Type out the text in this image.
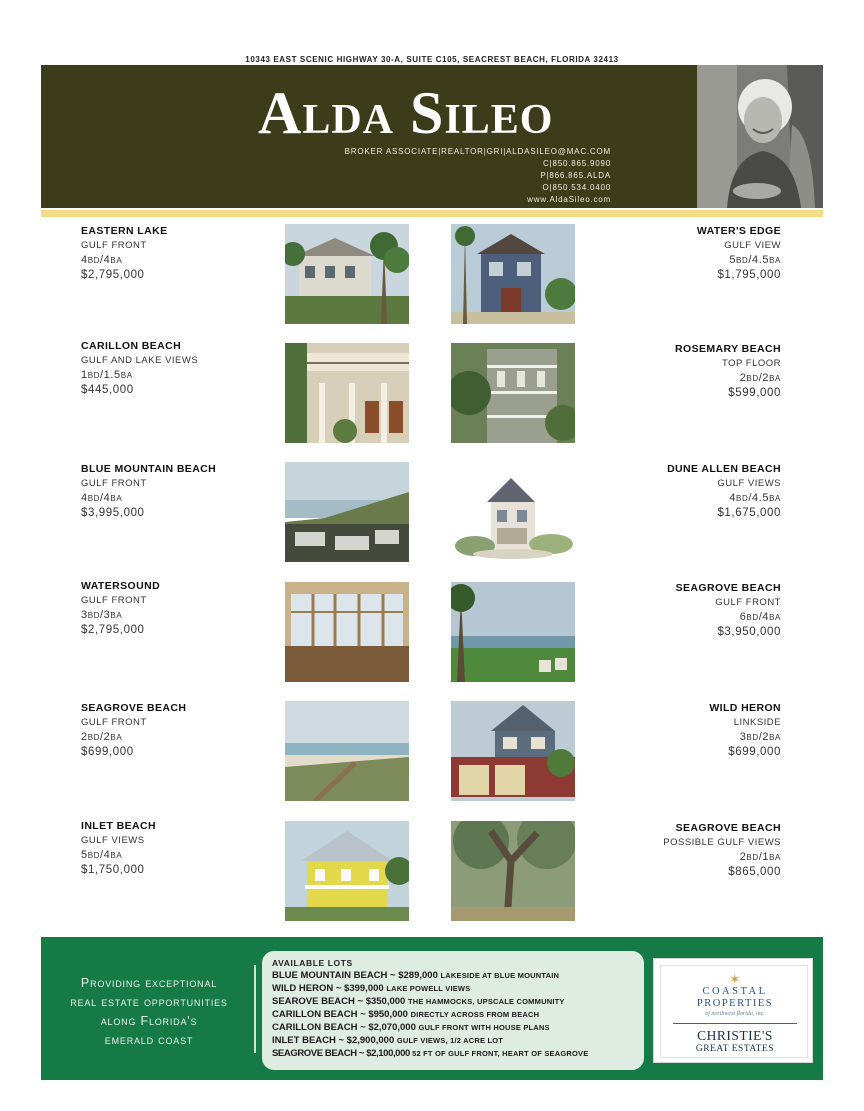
10343 EAST SCENIC HIGHWAY 30-A, SUITE C105, SEACREST BEACH, FLORIDA 32413
Alda Sileo
BROKER ASSOCIATE|REALTOR|GRI|ALDASILEO@MAC.COM
C|850.865.9090
P|866.865.ALDA
O|850.534.0400
www.AldaSileo.com
EASTERN LAKE
GULF FRONT
4bd/4ba
$2,795,000
WATER'S EDGE
GULF VIEW
5bd/4.5ba
$1,795,000
CARILLON BEACH
GULF AND LAKE VIEWS
1bd/1.5ba
$445,000
ROSEMARY BEACH
TOP FLOOR
2bd/2ba
$599,000
BLUE MOUNTAIN BEACH
GULF FRONT
4bd/4ba
$3,995,000
DUNE ALLEN BEACH
GULF VIEWS
4bd/4.5ba
$1,675,000
WATERSOUND
GULF FRONT
3bd/3ba
$2,795,000
SEAGROVE BEACH
GULF FRONT
6bd/4ba
$3,950,000
SEAGROVE BEACH
GULF FRONT
2bd/2ba
$699,000
WILD HERON
LINKSIDE
3bd/2ba
$699,000
INLET BEACH
GULF VIEWS
5bd/4ba
$1,750,000
SEAGROVE BEACH
POSSIBLE GULF VIEWS
2bd/1ba
$865,000
Providing exceptional
real estate opportunities
along Florida's
emerald coast
AVAILABLE LOTS
BLUE MOUNTAIN BEACH ~ $289,000 LAKESIDE AT BLUE MOUNTAIN
WILD HERON ~ $399,000 LAKE POWELL VIEWS
SEAROVE BEACH ~ $350,000 THE HAMMOCKS, UPSCALE COMMUNITY
CARILLON BEACH ~ $950,000 DIRECTLY ACROSS FROM BEACH
CARILLON BEACH ~ $2,070,000 GULF FRONT WITH HOUSE PLANS
INLET BEACH ~ $2,900,000 GULF VIEWS, 1/2 ACRE LOT
SEAGROVE BEACH ~ $2,100,000 52 FT OF GULF FRONT, HEART OF SEAGROVE
✶
COASTAL
PROPERTIES
of northwest florida, inc.
CHRISTIE'S
GREAT ESTATES
